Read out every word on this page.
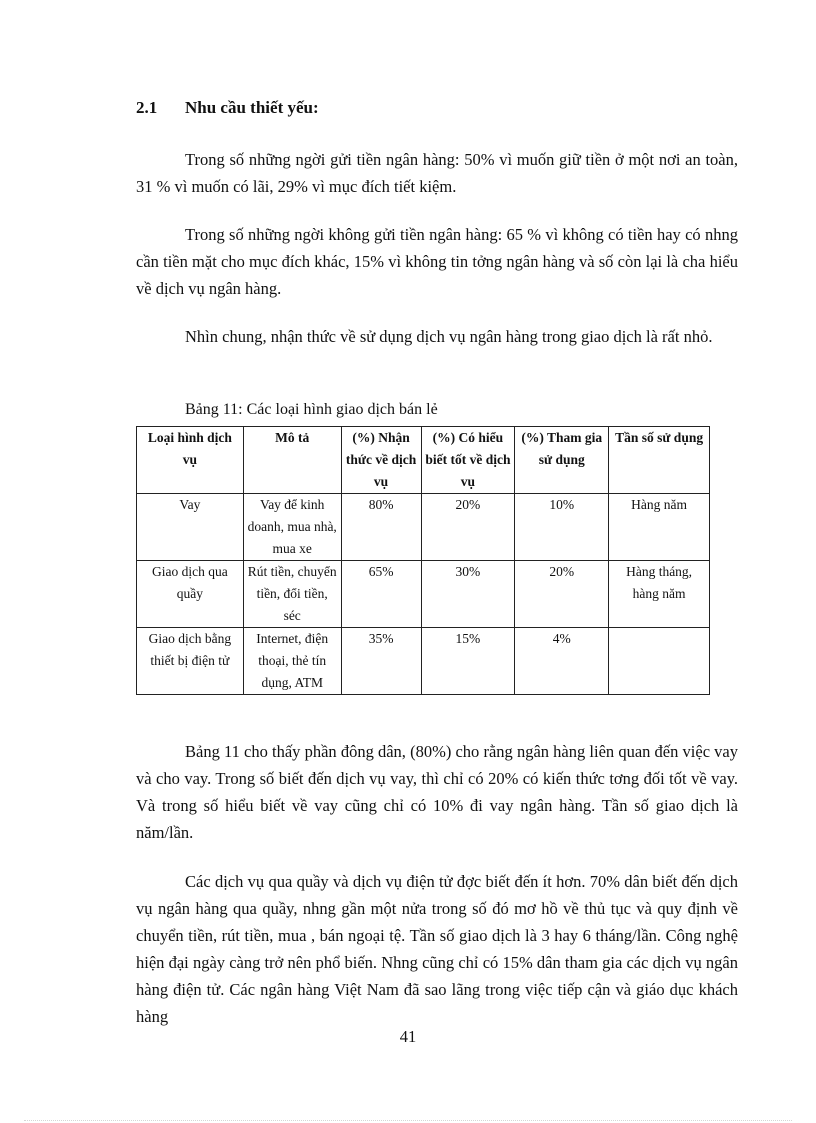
2.1 Nhu cầu thiết yếu:

Trong số những ngời gửi tiền ngân hàng: 50% vì muốn giữ tiền ở một nơi an toàn, 31 % vì muốn có lãi, 29% vì mục đích tiết kiệm.

Trong số những ngời không gửi tiền ngân hàng: 65 % vì không có tiền hay có nhng cần tiền mặt cho mục đích khác, 15% vì không tin tởng ngân hàng và số còn lại là cha hiểu về dịch vụ ngân hàng.

Nhìn chung, nhận thức về sử dụng dịch vụ ngân hàng trong giao dịch là rất nhỏ.

Bảng 11: Các loại hình giao dịch bán lẻ
Loại hình dịch vụ	Mô tả	(%) Nhận thức về dịch vụ	(%) Có hiểu biết tốt về dịch vụ	(%) Tham gia sử dụng	Tần số sử dụng
Vay	Vay để kinh doanh, mua nhà, mua xe	80%	20%	10%	Hàng năm
Giao dịch qua quầy	Rút tiền, chuyển tiền, đổi tiền, séc	65%	30%	20%	Hàng tháng, hàng năm
Giao dịch bằng thiết bị điện tử	Internet, điện thoại, thẻ tín dụng, ATM	35%	15%	4%	

Bảng 11 cho thấy phần đông dân, (80%) cho rằng ngân hàng liên quan đến việc vay và cho vay. Trong số biết đến dịch vụ vay, thì chỉ có 20% có kiến thức tơng đối tốt về vay. Và trong số hiểu biết về vay cũng chỉ có 10% đi vay ngân hàng. Tần số giao dịch là năm/lần.

Các dịch vụ qua quầy và dịch vụ điện tử đợc biết đến ít hơn. 70% dân biết đến dịch vụ ngân hàng qua quầy, nhng gần một nửa trong số đó mơ hồ về thủ tục và quy định về chuyển tiền, rút tiền, mua , bán ngoại tệ. Tần số giao dịch là 3 hay 6 tháng/lần. Công nghệ hiện đại ngày càng trở nên phổ biến. Nhng cũng chỉ có 15% dân tham gia các dịch vụ ngân hàng điện tử. Các ngân hàng Việt Nam đã sao lãng trong việc tiếp cận và giáo dục khách hàng

41
